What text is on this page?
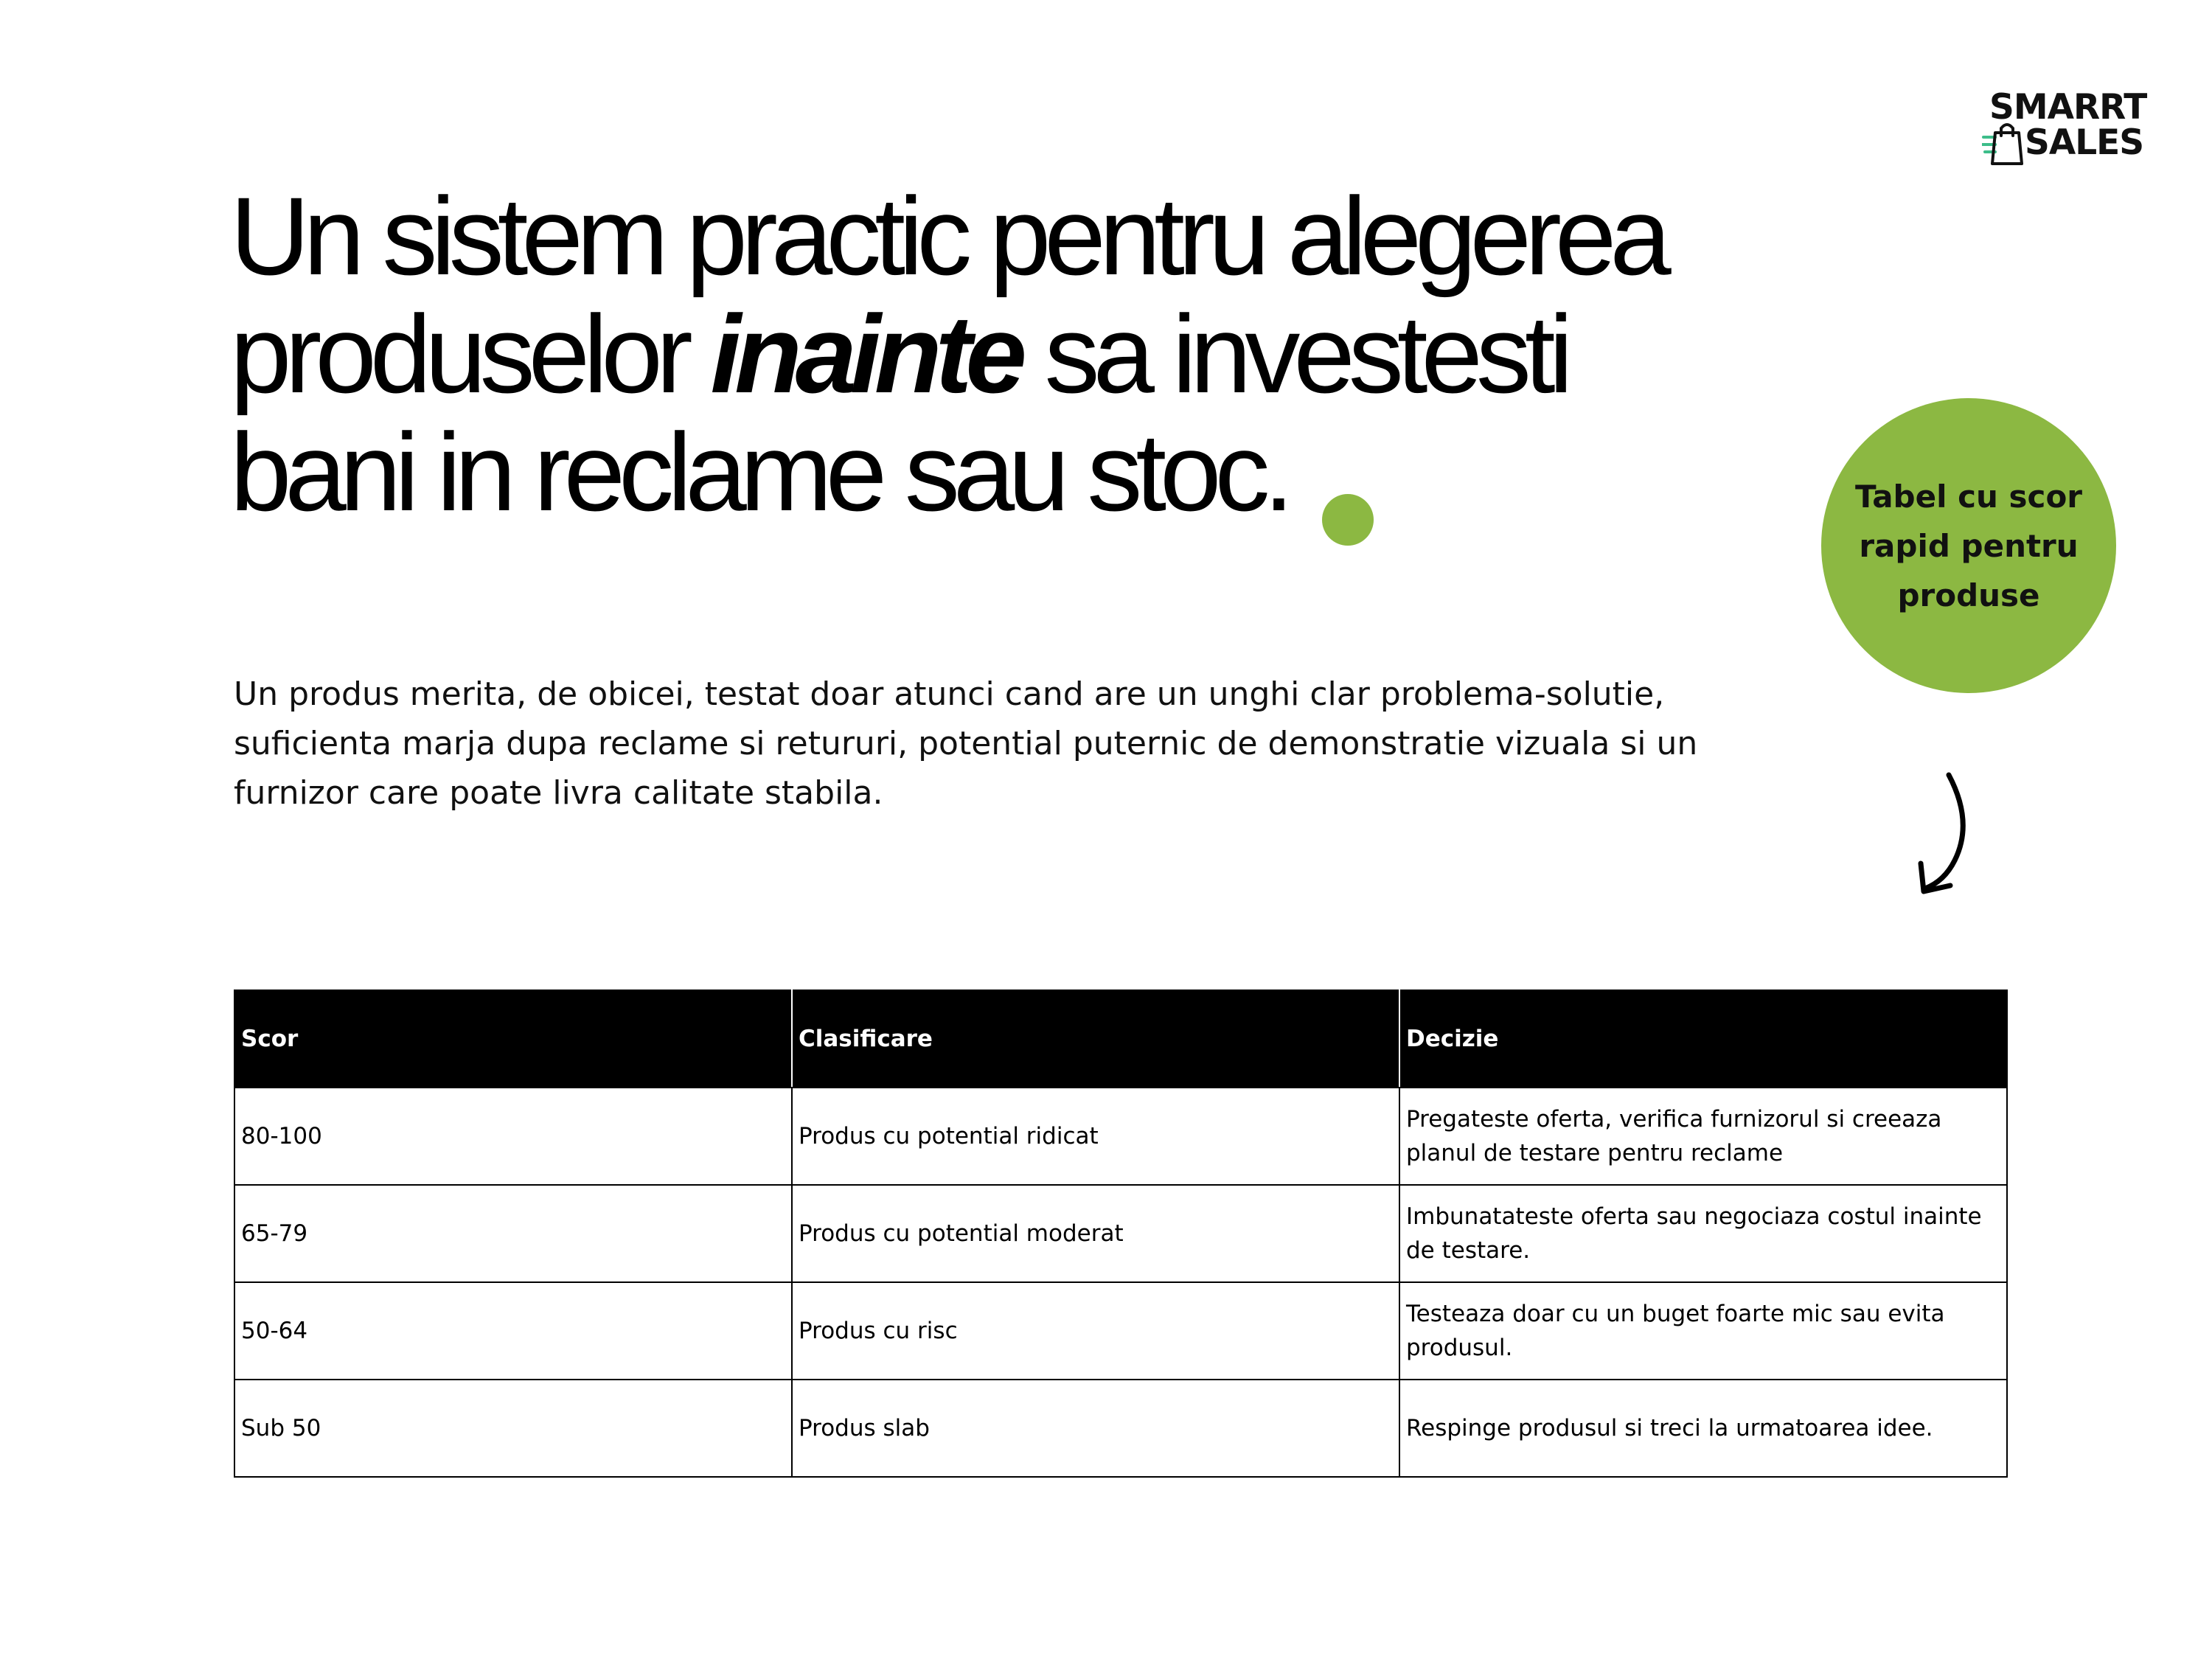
SMARRT
SALES
Un sistem practic pentru alegerea
produselor inainte sa investesti
bani in reclame sau stoc.	Tabel cu scor rapid pentru produse

Un produs merita, de obicei, testat doar atunci cand are un unghi clar problema-solutie, suficienta marja dupa reclame si retururi, potential puternic de demonstratie vizuala si un furnizor care poate livra calitate stabila.

Scor	Clasificare	Decizie
80-100	Produs cu potential ridicat	Pregateste oferta, verifica furnizorul si creeaza planul de testare pentru reclame
65-79	Produs cu potential moderat	Imbunatateste oferta sau negociaza costul inainte de testare.
50-64	Produs cu risc	Testeaza doar cu un buget foarte mic sau evita produsul.
Sub 50	Produs slab	Respinge produsul si treci la urmatoarea idee.
